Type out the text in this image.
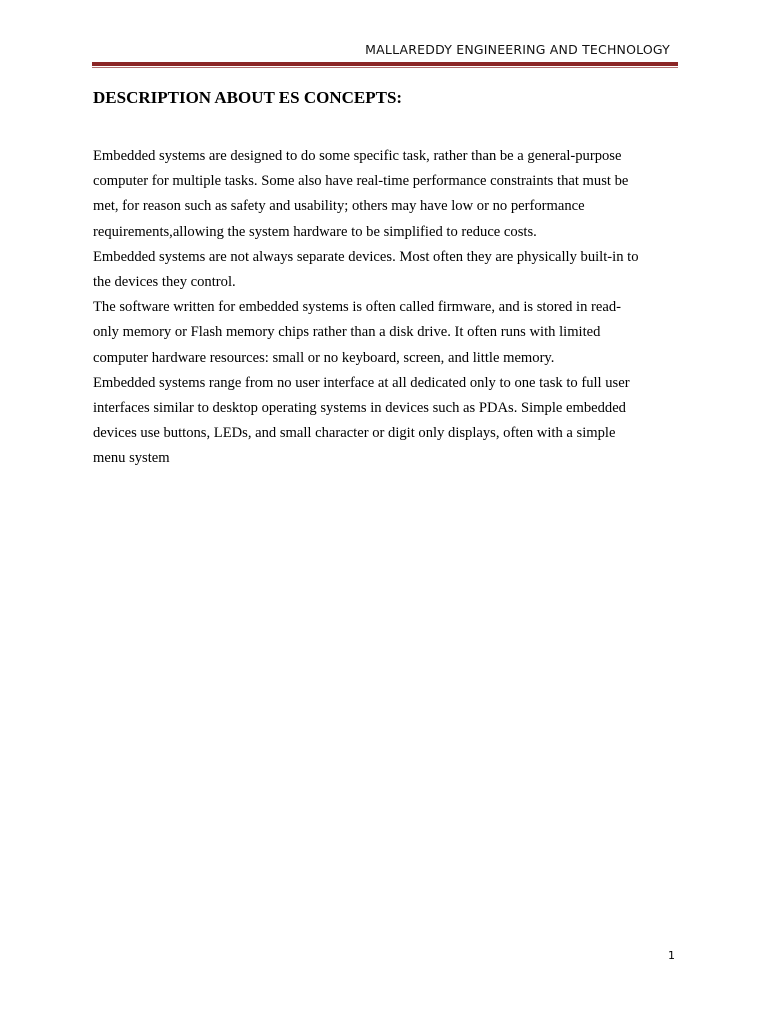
MALLAREDDY ENGINEERING AND TECHNOLOGY
DESCRIPTION ABOUT ES CONCEPTS:
Embedded systems are designed to do some specific task, rather than be a general-purpose
computer for multiple tasks. Some also have real-time performance constraints that must be
met, for reason such as safety and usability; others may have low or no performance
requirements,allowing the system hardware to be simplified to reduce costs.
Embedded systems are not always separate devices. Most often they are physically built-in to
the devices they control.
The software written for embedded systems is often called firmware, and is stored in read-
only memory or Flash memory chips rather than a disk drive. It often runs with limited
computer hardware resources: small or no keyboard, screen, and little memory.
Embedded systems range from no user interface at all dedicated only to one task to full user
interfaces similar to desktop operating systems in devices such as PDAs. Simple embedded
devices use buttons, LEDs, and small character or digit only displays, often with a simple
menu system
1
